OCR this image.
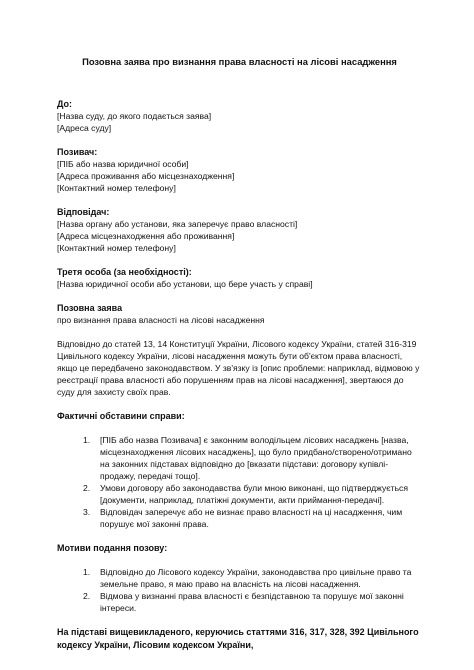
Позовна заява про визнання права власності на лісові насадження

До:

[Назва суду, до якого подається заява]

[Адреса суду]

Позивач:

[ПІБ або назва юридичної особи]

[Адреса проживання або місцезнаходження]

[Контактний номер телефону]

Відповідач:

[Назва органу або установи, яка заперечує право власності]

[Адреса місцезнаходження або проживання]

[Контактний номер телефону]

Третя особа (за необхідності):

[Назва юридичної особи або установи, що бере участь у справі]

Позовна заява

про визнання права власності на лісові насадження

Відповідно до статей 13, 14 Конституції України, Лісового кодексу України, статей 316-319 Цивільного кодексу України, лісові насадження можуть бути об'єктом права власності, якщо це передбачено законодавством. У зв'язку із [опис проблеми: наприклад, відмовою у реєстрації права власності або порушенням прав на лісові насадження], звертаюся до суду для захисту своїх прав.

Фактичні обставини справи:

1. [ПІБ або назва Позивача] є законним володільцем лісових насаджень [назва, місцезнаходження лісових насаджень], що було придбано/створено/отримано на законних підставах відповідно до [вказати підстави: договору купівлі-продажу, передачі тощо].
2. Умови договору або законодавства були мною виконані, що підтверджується [документи, наприклад, платіжні документи, акти приймання-передачі].
3. Відповідач заперечує або не визнає право власності на ці насадження, чим порушує мої законні права.

Мотиви подання позову:

1. Відповідно до Лісового кодексу України, законодавства про цивільне право та земельне право, я маю право на власність на лісові насадження.
2. Відмова у визнанні права власності є безпідставною та порушує мої законні інтереси.

На підставі вищевикладеного, керуючись статтями 316, 317, 328, 392 Цивільного кодексу України, Лісовим кодексом України,
